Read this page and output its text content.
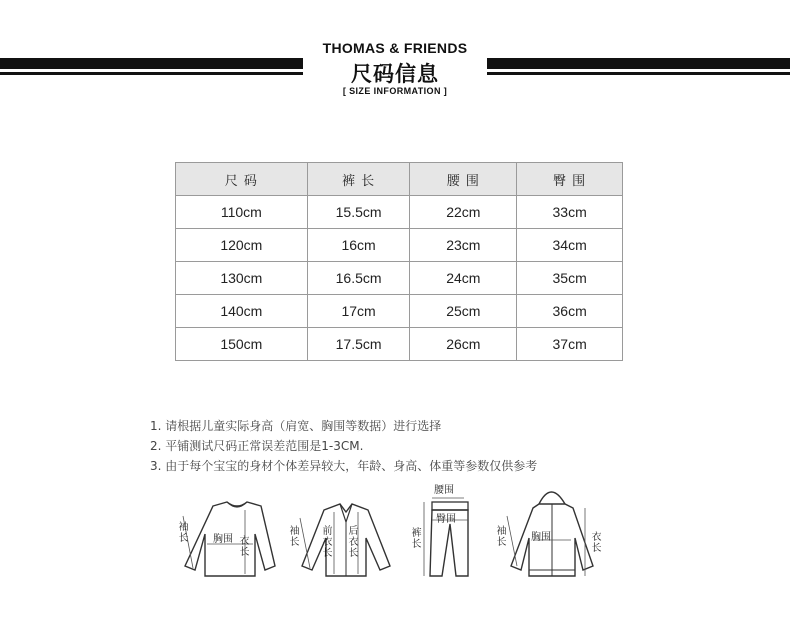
THOMAS & FRIENDS
尺码信息
[ SIZE INFORMATION ]
尺 码	裤 长	腰 围	臀 围
110cm	15.5cm	22cm	33cm
120cm	16cm	23cm	34cm
130cm	16.5cm	24cm	35cm
140cm	17cm	25cm	36cm
150cm	17.5cm	26cm	37cm
1. 请根据儿童实际身高（肩宽、胸围等数据）进行选择
2. 平铺测试尺码正常误差范围是1-3CM.
3. 由于每个宝宝的身材个体差异较大，年龄、身高、体重等参数仅供参考
袖长 胸围 衣长
袖长
前衣长
后衣长
腰围
臀围
裤长
袖长 胸围	衣长
